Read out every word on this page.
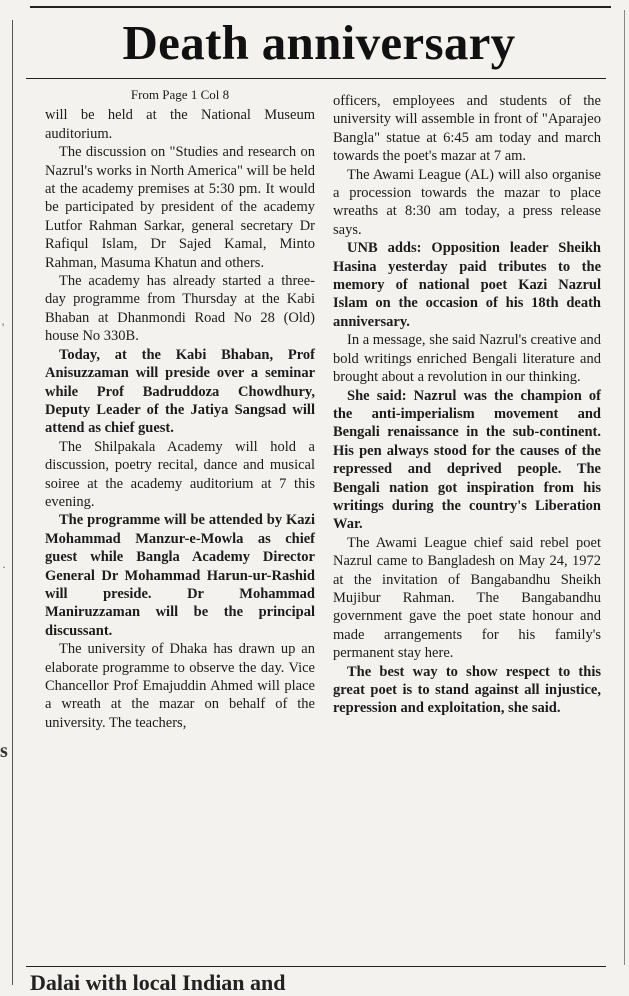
s
'
·
Death anniversary

From Page 1 Col 8

will be held at the National Museum auditorium.

The discussion on "Studies and research on Nazrul's works in North America" will be held at the academy premises at 5:30 pm. It would be participated by president of the academy Lutfor Rahman Sarkar, general secretary Dr Rafiqul Islam, Dr Sajed Kamal, Minto Rahman, Masuma Khatun and others.

The academy has already started a three-day programme from Thursday at the Kabi Bhaban at Dhanmondi Road No 28 (Old) house No 330B.

Today, at the Kabi Bhaban, Prof Anisuzzaman will preside over a seminar while Prof Badruddoza Chowdhury, Deputy Leader of the Jatiya Sangsad will attend as chief guest.

The Shilpakala Academy will hold a discussion, poetry recital, dance and musical soiree at the academy auditorium at 7 this evening.

The programme will be attended by Kazi Mohammad Manzur-e-Mowla as chief guest while Bangla Academy Director General Dr Mohammad Harun-ur-Rashid will preside. Dr Mohammad Maniruzzaman will be the principal discussant.

The university of Dhaka has drawn up an elaborate programme to observe the day. Vice Chancellor Prof Emajuddin Ahmed will place a wreath at the mazar on behalf of the university. The teachers,

officers, employees and students of the university will assemble in front of "Aparajeo Bangla" statue at 6:45 am today and march towards the poet's mazar at 7 am.

The Awami League (AL) will also organise a procession towards the mazar to place wreaths at 8:30 am today, a press release says.

UNB adds: Opposition leader Sheikh Hasina yesterday paid tributes to the memory of national poet Kazi Nazrul Islam on the occasion of his 18th death anniversary.

In a message, she said Nazrul's creative and bold writings enriched Bengali literature and brought about a revolution in our thinking.

She said: Nazrul was the champion of the anti-imperialism movement and Bengali renaissance in the sub-continent. His pen always stood for the causes of the repressed and deprived people. The Bengali nation got inspiration from his writings during the country's Liberation War.

The Awami League chief said rebel poet Nazrul came to Bangladesh on May 24, 1972 at the invitation of Bangabandhu Sheikh Mujibur Rahman. The Bangabandhu government gave the poet state honour and made arrangements for his family's permanent stay here.

The best way to show respect to this great poet is to stand against all injustice, repression and exploitation, she said.

Dalai with local Indian and
